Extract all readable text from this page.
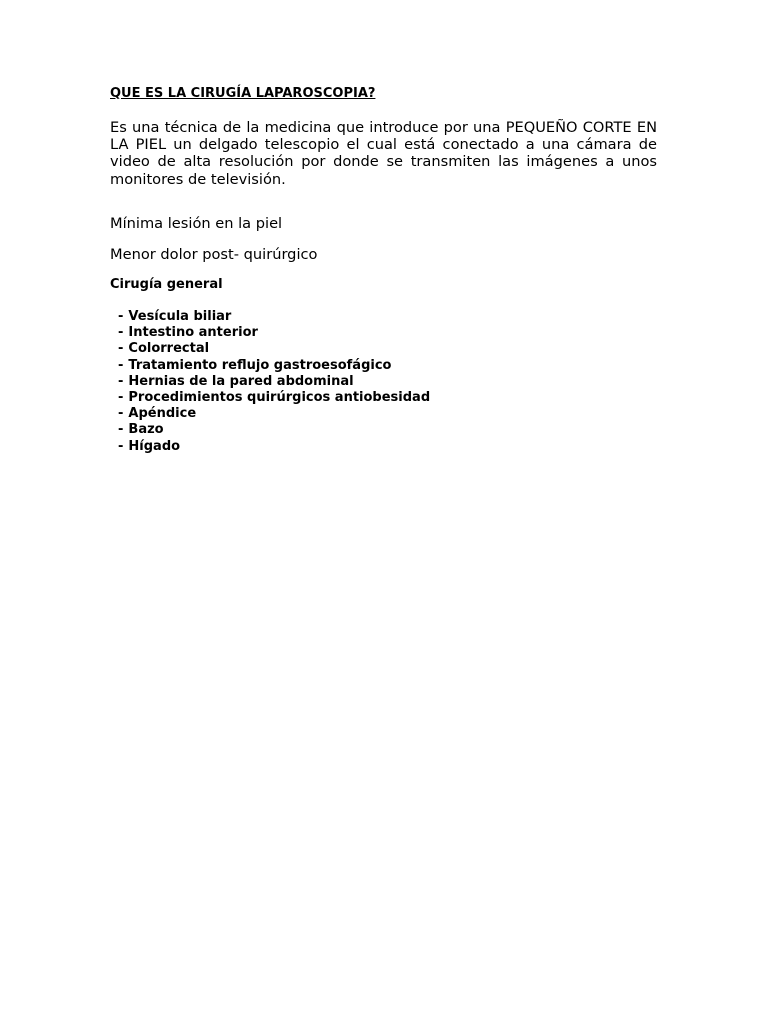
QUE ES LA CIRUGÍA LAPAROSCOPIA?

Es una técnica de la medicina que introduce por una PEQUEÑO CORTE EN LA PIEL un delgado telescopio el cual está conectado a una cámara de video de alta resolución por donde se transmiten las imágenes a unos monitores de televisión.

Mínima lesión en la piel

Menor dolor post- quirúrgico

Cirugía general

- Vesícula biliar
- Intestino anterior
- Colorrectal
- Tratamiento reflujo gastroesofágico
- Hernias de la pared abdominal
- Procedimientos quirúrgicos antiobesidad
- Apéndice
- Bazo
- Hígado
